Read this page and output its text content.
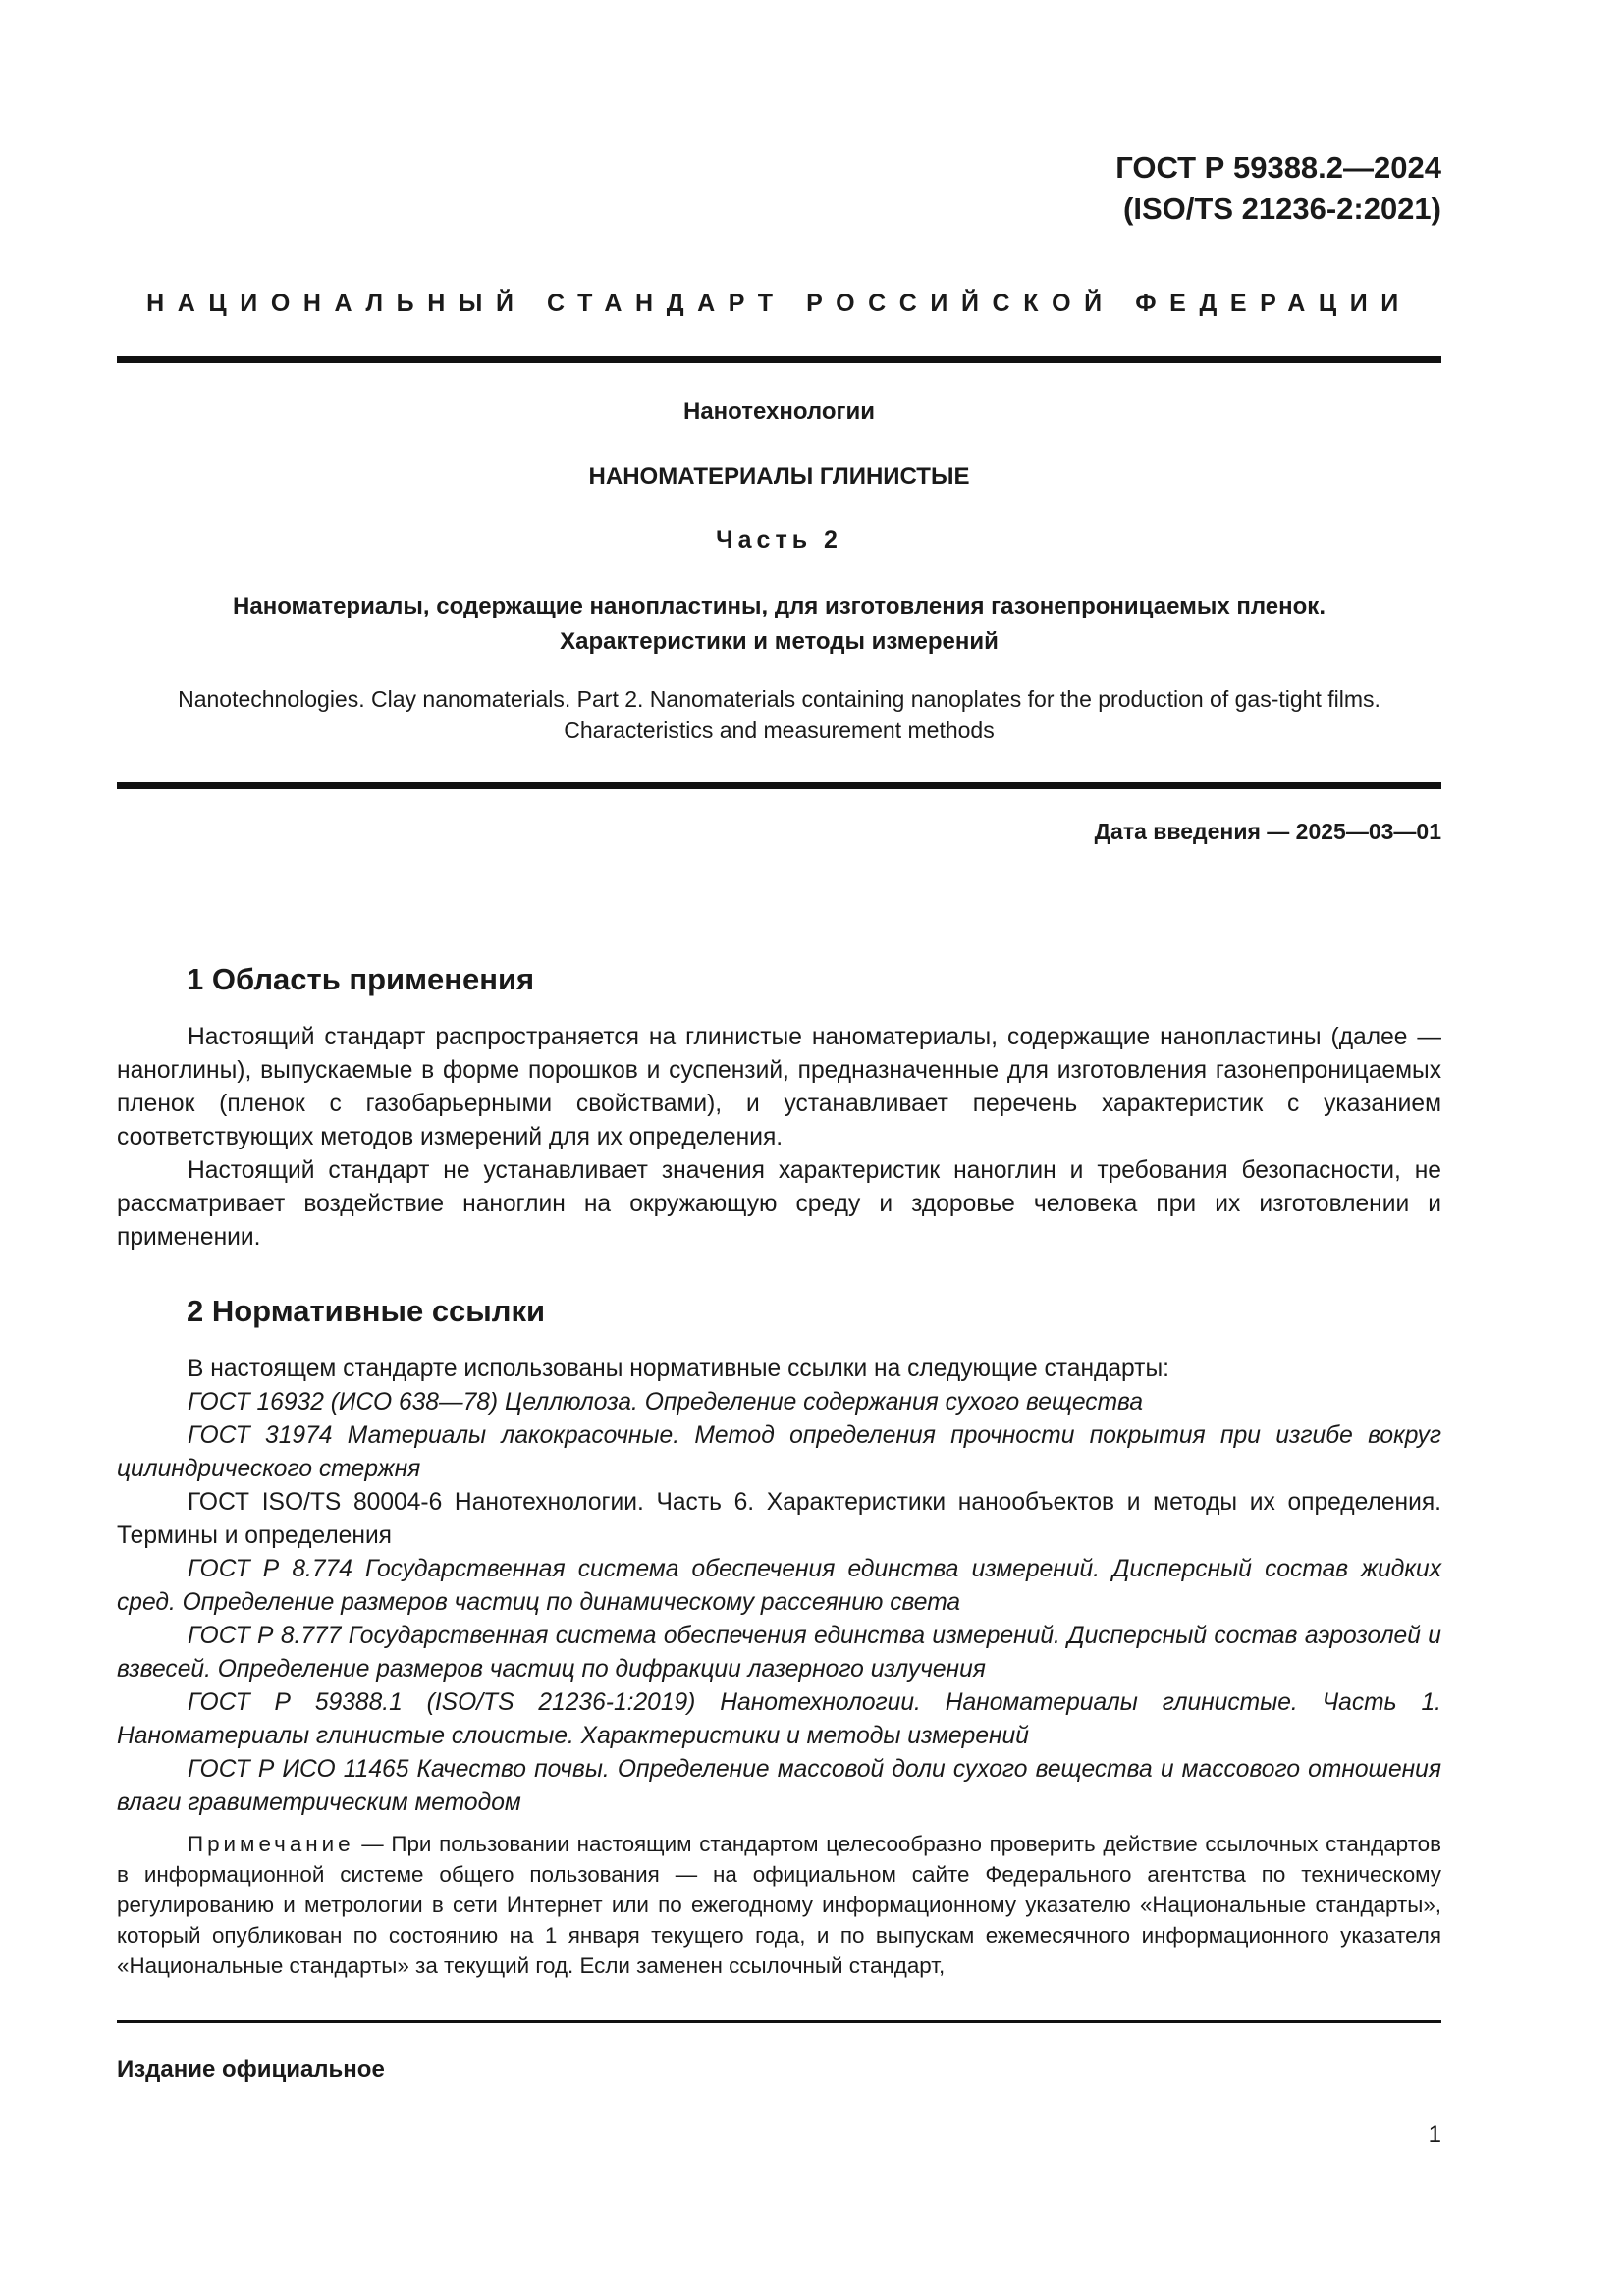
ГОСТ Р 59388.2—2024
(ISO/TS 21236-2:2021)
НАЦИОНАЛЬНЫЙ СТАНДАРТ РОССИЙСКОЙ ФЕДЕРАЦИИ
Нанотехнологии
НАНОМАТЕРИАЛЫ ГЛИНИСТЫЕ
Часть 2
Наноматериалы, содержащие нанопластины, для изготовления газонепроницаемых пленок.
Характеристики и методы измерений
Nanotechnologies. Clay nanomaterials. Part 2. Nanomaterials containing nanoplates for the production of gas-tight films.
Characteristics and measurement methods
Дата введения — 2025—03—01
1 Область применения
Настоящий стандарт распространяется на глинистые наноматериалы, содержащие нанопластины (далее — наноглины), выпускаемые в форме порошков и суспензий, предназначенные для изготовления газонепроницаемых пленок (пленок с газобарьерными свойствами), и устанавливает перечень характеристик с указанием соответствующих методов измерений для их определения.
Настоящий стандарт не устанавливает значения характеристик наноглин и требования безопасности, не рассматривает воздействие наноглин на окружающую среду и здоровье человека при их изготовлении и применении.
2 Нормативные ссылки
В настоящем стандарте использованы нормативные ссылки на следующие стандарты:
ГОСТ 16932 (ИСО 638—78) Целлюлоза. Определение содержания сухого вещества
ГОСТ 31974 Материалы лакокрасочные. Метод определения прочности покрытия при изгибе вокруг цилиндрического стержня
ГОСТ ISO/TS 80004-6 Нанотехнологии. Часть 6. Характеристики нанообъектов и методы их определения. Термины и определения
ГОСТ Р 8.774 Государственная система обеспечения единства измерений. Дисперсный состав жидких сред. Определение размеров частиц по динамическому рассеянию света
ГОСТ Р 8.777 Государственная система обеспечения единства измерений. Дисперсный состав аэрозолей и взвесей. Определение размеров частиц по дифракции лазерного излучения
ГОСТ Р 59388.1 (ISO/TS 21236-1:2019) Нанотехнологии. Наноматериалы глинистые. Часть 1. Наноматериалы глинистые слоистые. Характеристики и методы измерений
ГОСТ Р ИСО 11465 Качество почвы. Определение массовой доли сухого вещества и массового отношения влаги гравиметрическим методом
Примечание — При пользовании настоящим стандартом целесообразно проверить действие ссылочных стандартов в информационной системе общего пользования — на официальном сайте Федерального агентства по техническому регулированию и метрологии в сети Интернет или по ежегодному информационному указателю «Национальные стандарты», который опубликован по состоянию на 1 января текущего года, и по выпускам ежемесячного информационного указателя «Национальные стандарты» за текущий год. Если заменен ссылочный стандарт,
Издание официальное
1
